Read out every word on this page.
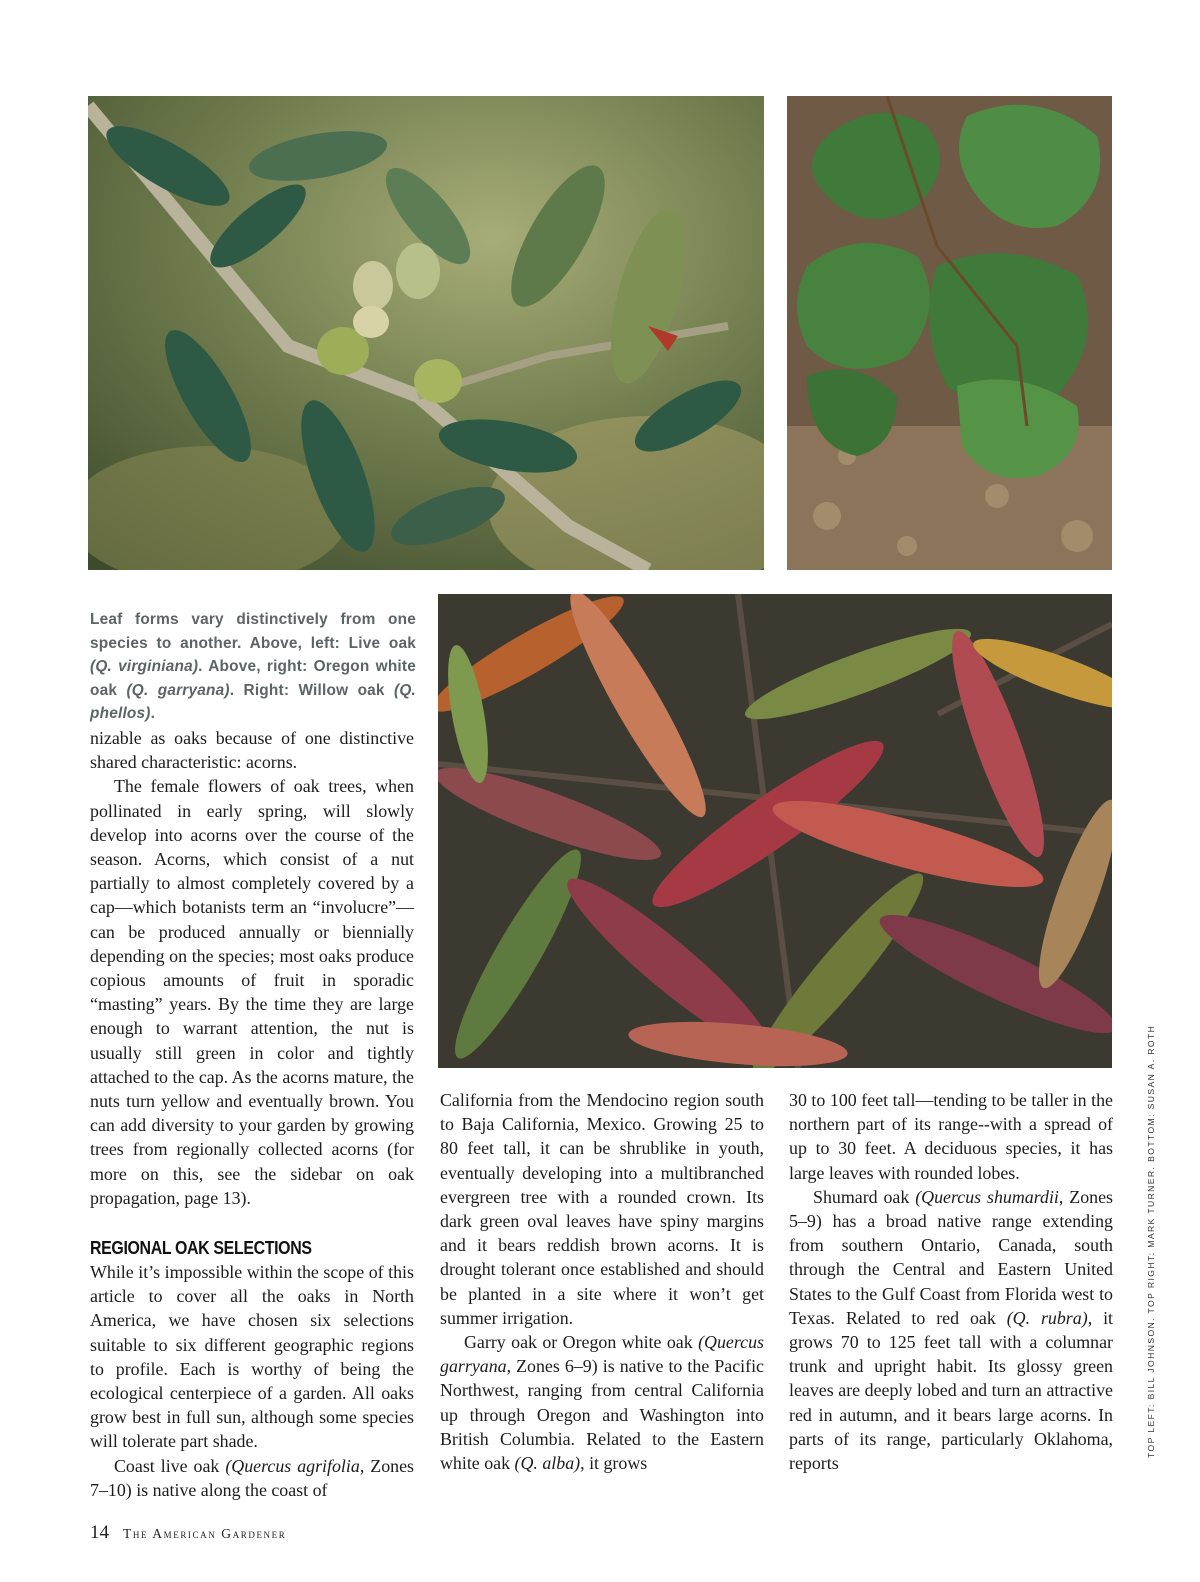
Leaf forms vary distinctively from one species to another. Above, left: Live oak (Q. virginiana). Above, right: Oregon white oak (Q. garryana). Right: Willow oak (Q. phellos).

nizable as oaks because of one distinctive shared characteristic: acorns.

The female flowers of oak trees, when pollinated in early spring, will slowly develop into acorns over the course of the season. Acorns, which consist of a nut partially to almost completely covered by a cap—which botanists term an “involucre”—can be produced annually or biennially depending on the species; most oaks produce copious amounts of fruit in sporadic “masting” years. By the time they are large enough to warrant attention, the nut is usually still green in color and tightly attached to the cap. As the acorns mature, the nuts turn yellow and eventually brown. You can add diversity to your garden by growing trees from regionally collected acorns (for more on this, see the sidebar on oak propagation, page 13).

REGIONAL OAK SELECTIONS

While it’s impossible within the scope of this article to cover all the oaks in North America, we have chosen six selections suitable to six different geographic regions to profile. Each is worthy of being the ecological centerpiece of a garden. All oaks grow best in full sun, although some species will tolerate part shade.

Coast live oak (Quercus agrifolia, Zones 7–10) is native along the coast of

California from the Mendocino region south to Baja California, Mexico. Growing 25 to 80 feet tall, it can be shrublike in youth, eventually developing into a multibranched evergreen tree with a rounded crown. Its dark green oval leaves have spiny margins and it bears reddish brown acorns. It is drought tolerant once established and should be planted in a site where it won’t get summer irrigation.

Garry oak or Oregon white oak (Quercus garryana, Zones 6–9) is native to the Pacific Northwest, ranging from central California up through Oregon and Washington into British Columbia. Related to the Eastern white oak (Q. alba), it grows

30 to 100 feet tall—tending to be taller in the northern part of its range--with a spread of up to 30 feet. A deciduous species, it has large leaves with rounded lobes.

Shumard oak (Quercus shumardii, Zones 5–9) has a broad native range extending from southern Ontario, Canada, south through the Central and Eastern United States to the Gulf Coast from Florida west to Texas. Related to red oak (Q. rubra), it grows 70 to 125 feet tall with a columnar trunk and upright habit. Its glossy green leaves are deeply lobed and turn an attractive red in autumn, and it bears large acorns. In parts of its range, particularly Oklahoma, reports

14 The American Gardener
TOP LEFT: BILL JOHNSON. TOP RIGHT: MARK TURNER. BOTTOM: SUSAN A. ROTH
